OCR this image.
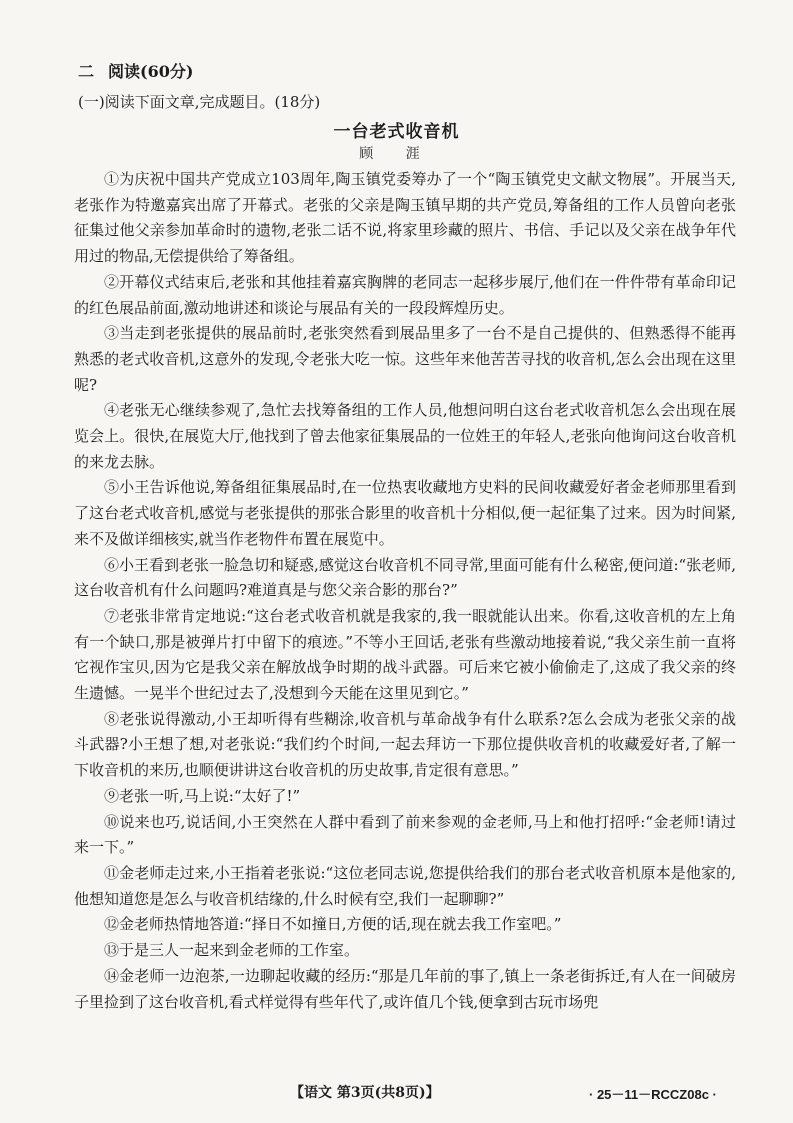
二 阅读(60分)
(一)阅读下面文章,完成题目。(18分)
一台老式收音机
顾 涯

①为庆祝中国共产党成立103周年,陶玉镇党委筹办了一个“陶玉镇党史文献文物展”。开展当天,老张作为特邀嘉宾出席了开幕式。老张的父亲是陶玉镇早期的共产党员,筹备组的工作人员曾向老张征集过他父亲参加革命时的遗物,老张二话不说,将家里珍藏的照片、书信、手记以及父亲在战争年代用过的物品,无偿提供给了筹备组。

②开幕仪式结束后,老张和其他挂着嘉宾胸牌的老同志一起移步展厅,他们在一件件带有革命印记的红色展品前面,激动地讲述和谈论与展品有关的一段段辉煌历史。

③当走到老张提供的展品前时,老张突然看到展品里多了一台不是自己提供的、但熟悉得不能再熟悉的老式收音机,这意外的发现,令老张大吃一惊。这些年来他苦苦寻找的收音机,怎么会出现在这里呢?

④老张无心继续参观了,急忙去找筹备组的工作人员,他想问明白这台老式收音机怎么会出现在展览会上。很快,在展览大厅,他找到了曾去他家征集展品的一位姓王的年轻人,老张向他询问这台收音机的来龙去脉。

⑤小王告诉他说,筹备组征集展品时,在一位热衷收藏地方史料的民间收藏爱好者金老师那里看到了这台老式收音机,感觉与老张提供的那张合影里的收音机十分相似,便一起征集了过来。因为时间紧,来不及做详细核实,就当作老物件布置在展览中。

⑥小王看到老张一脸急切和疑惑,感觉这台收音机不同寻常,里面可能有什么秘密,便问道:“张老师,这台收音机有什么问题吗?难道真是与您父亲合影的那台?”

⑦老张非常肯定地说:“这台老式收音机就是我家的,我一眼就能认出来。你看,这收音机的左上角有一个缺口,那是被弹片打中留下的痕迹。”不等小王回话,老张有些激动地接着说,“我父亲生前一直将它视作宝贝,因为它是我父亲在解放战争时期的战斗武器。可后来它被小偷偷走了,这成了我父亲的终生遗憾。一晃半个世纪过去了,没想到今天能在这里见到它。”

⑧老张说得激动,小王却听得有些糊涂,收音机与革命战争有什么联系?怎么会成为老张父亲的战斗武器?小王想了想,对老张说:“我们约个时间,一起去拜访一下那位提供收音机的收藏爱好者,了解一下收音机的来历,也顺便讲讲这台收音机的历史故事,肯定很有意思。”

⑨老张一听,马上说:“太好了!”

⑩说来也巧,说话间,小王突然在人群中看到了前来参观的金老师,马上和他打招呼:“金老师!请过来一下。”

⑪金老师走过来,小王指着老张说:“这位老同志说,您提供给我们的那台老式收音机原本是他家的,他想知道您是怎么与收音机结缘的,什么时候有空,我们一起聊聊?”

⑫金老师热情地答道:“择日不如撞日,方便的话,现在就去我工作室吧。”

⑬于是三人一起来到金老师的工作室。

⑭金老师一边泡茶,一边聊起收藏的经历:“那是几年前的事了,镇上一条老街拆迁,有人在一间破房子里捡到了这台收音机,看式样觉得有些年代了,或许值几个钱,便拿到古玩市场兜

【语文 第3页(共8页)】	· 25－11－RCCZ08c ·
